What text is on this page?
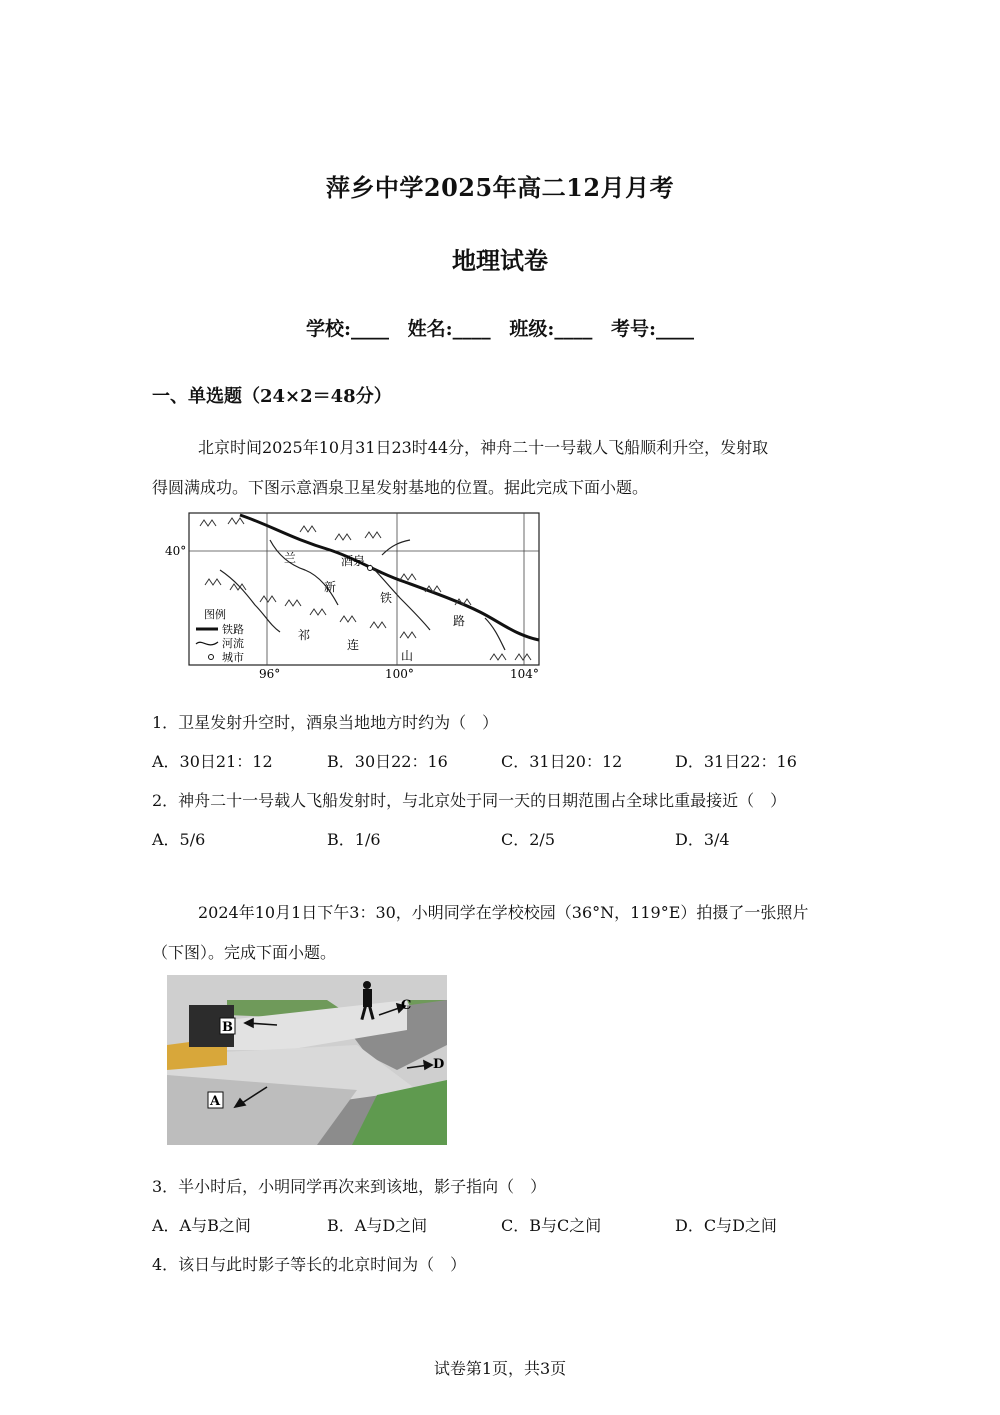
萍乡中学2025年高二12月月考
地理试卷
学校:____ 姓名:____ 班级:____ 考号:____
一、单选题（24×2＝48分）
北京时间2025年10月31日23时44分，神舟二十一号载人飞船顺利升空，发射取
得圆满成功。下图示意酒泉卫星发射基地的位置。据此完成下面小题。
酒泉
兰
新
铁
路
祁
连
山
图例
铁路
河流
城市
40°
96°	100°	104°
1．卫星发射升空时，酒泉当地地方时约为（　）
A．30日21：12	B．30日22：16	C．31日20：12	D．31日22：16
2．神舟二十一号载人飞船发射时，与北京处于同一天的日期范围占全球比重最接近（　）
A．5/6	B．1/6	C．2/5	D．3/4
2024年10月1日下午3：30，小明同学在学校校园（36°N，119°E）拍摄了一张照片
（下图）。完成下面小题。
B
C
D
A
3．半小时后，小明同学再次来到该地，影子指向（　）
A．A与B之间	B．A与D之间	C．B与C之间	D．C与D之间
4．该日与此时影子等长的北京时间为（　）
试卷第1页，共3页
